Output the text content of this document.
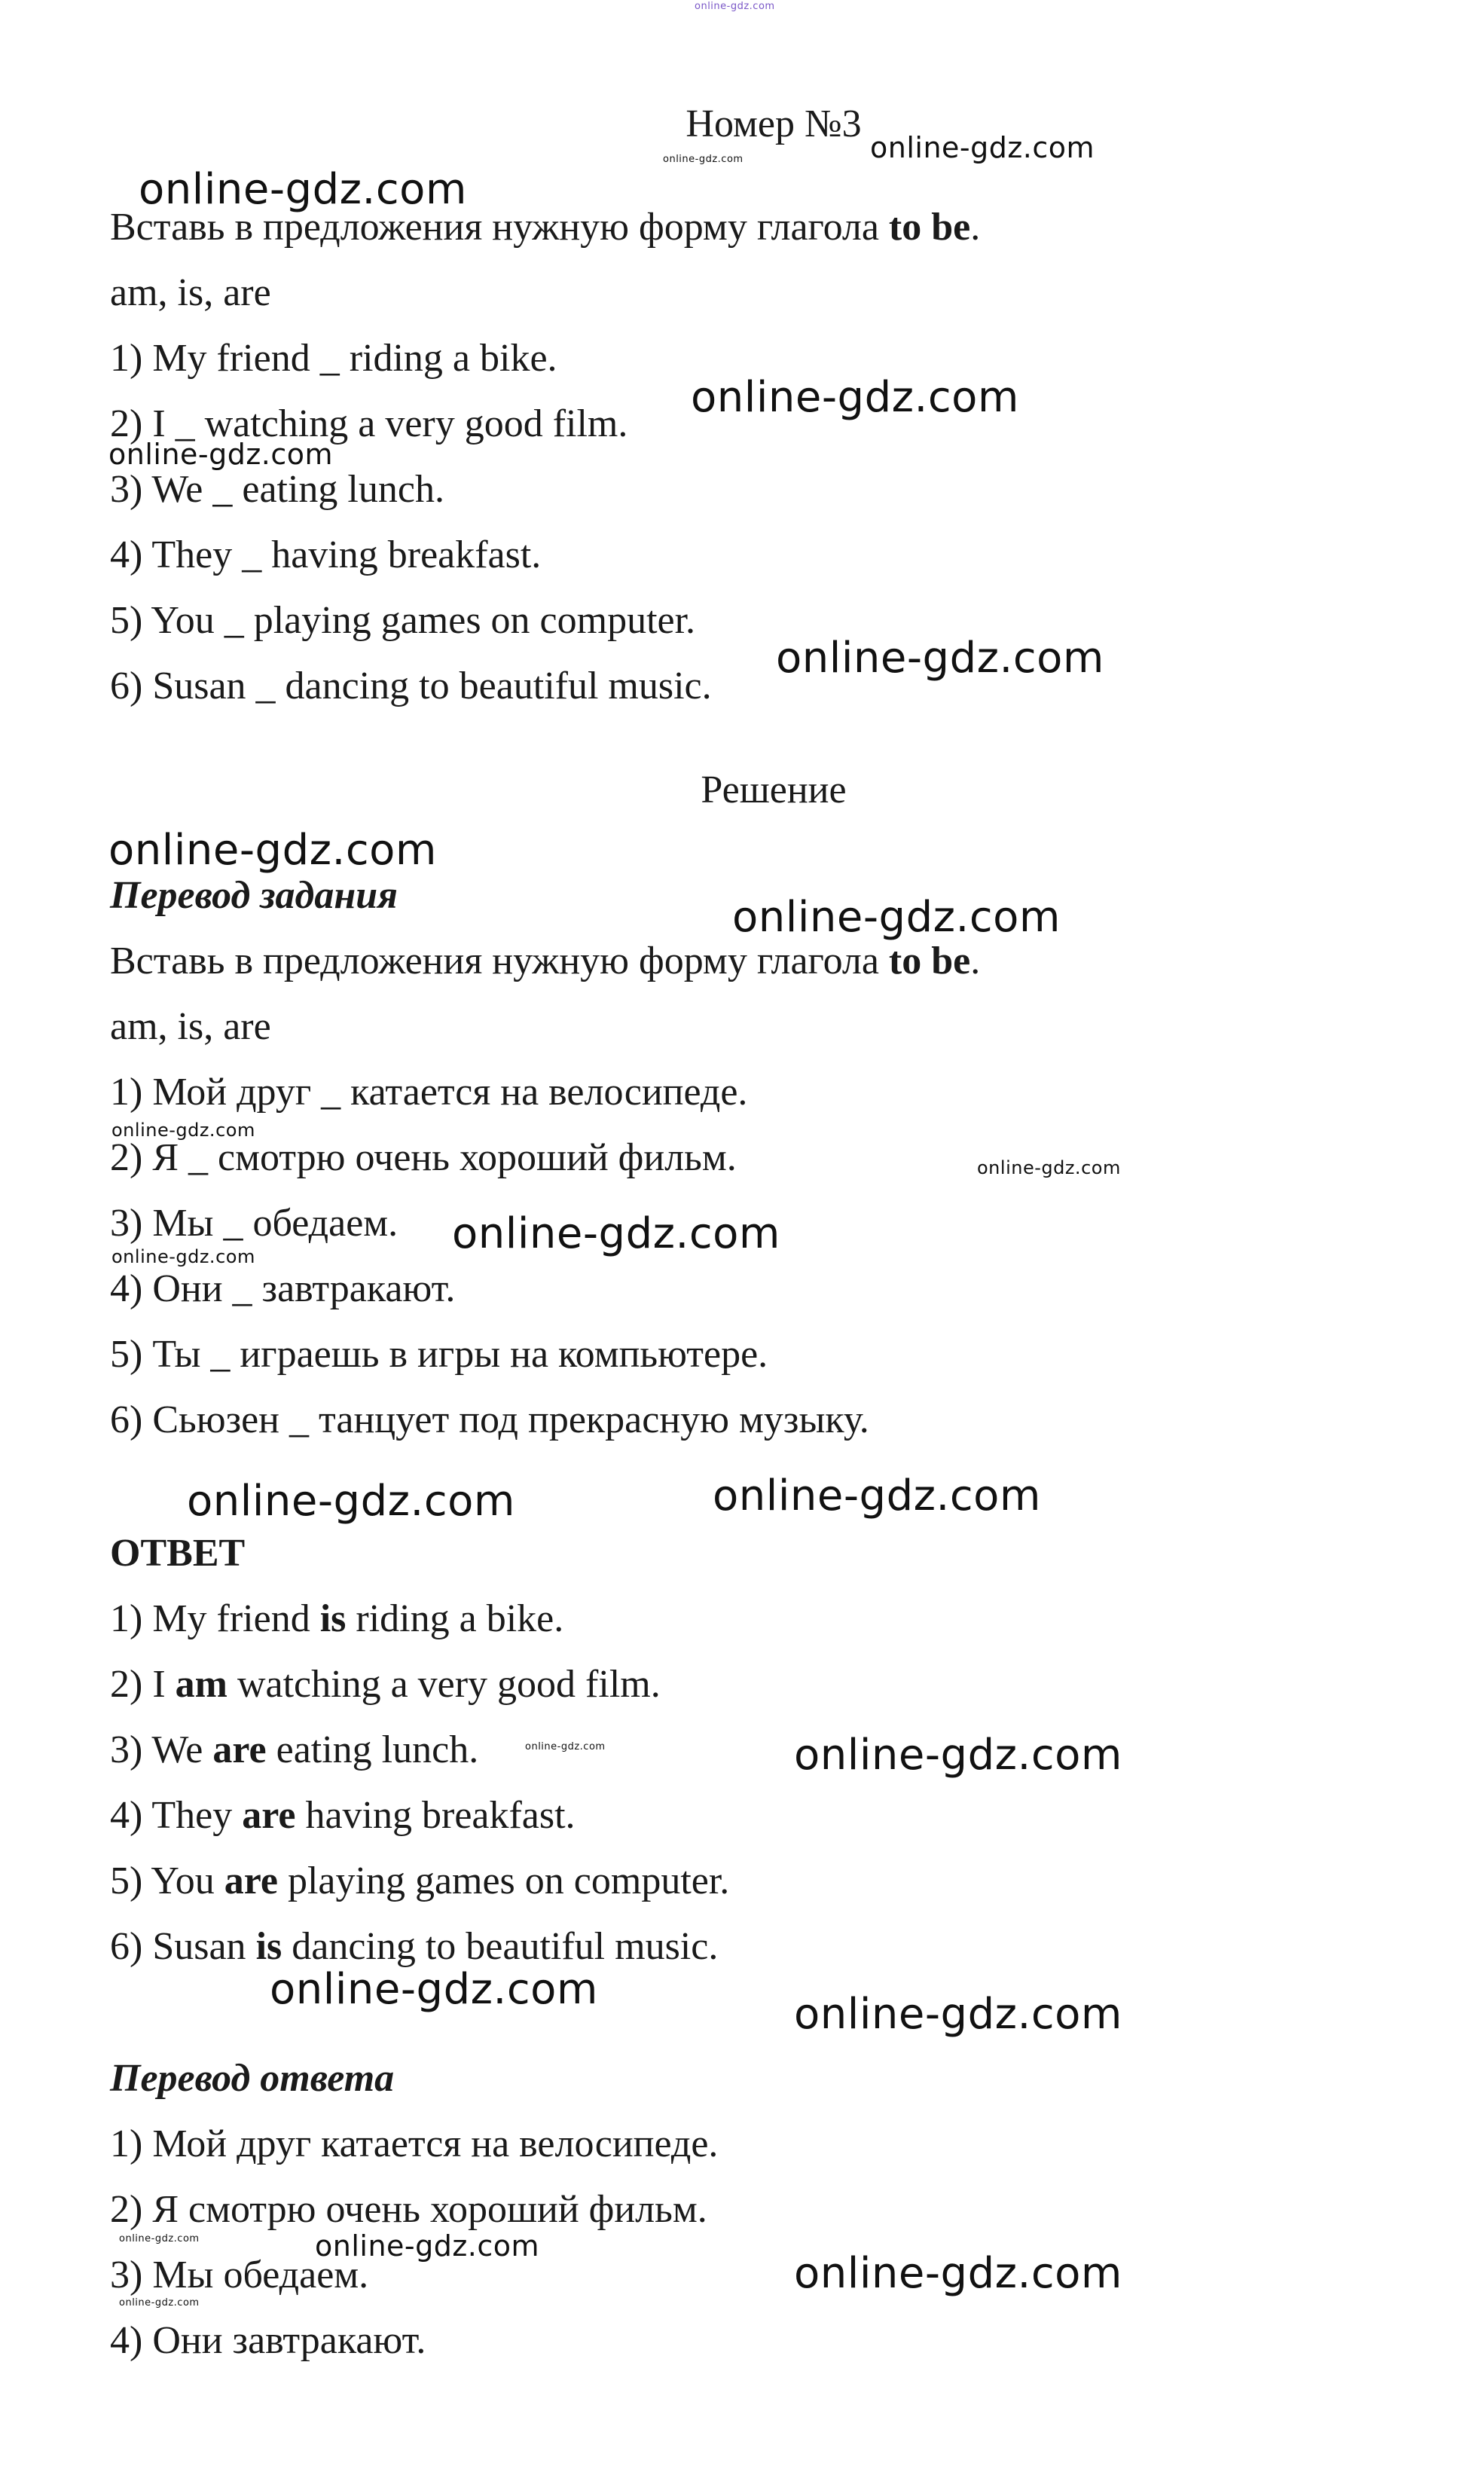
Номер №3
Вставь в предложения нужную форму глагола to be.
am, is, are
1) My friend _ riding a bike.
2) I _ watching a very good film.
3) We _ eating lunch.
4) They _ having breakfast.
5) You _ playing games on computer.
6) Susan _ dancing to beautiful music.
Решение
Перевод задания
Вставь в предложения нужную форму глагола to be.
am, is, are
1) Мой друг _ катается на велосипеде.
2) Я _ смотрю очень хороший фильм.
3) Мы _ обедаем.
4) Они _ завтракают.
5) Ты _ играешь в игры на компьютере.
6) Сьюзен _ танцует под прекрасную музыку.
ОТВЕТ
1) My friend is riding a bike.
2) I am watching a very good film.
3) We are eating lunch.
4) They are having breakfast.
5) You are playing games on computer.
6) Susan is dancing to beautiful music.
Перевод ответа
1) Мой друг катается на велосипеде.
2) Я смотрю очень хороший фильм.
3) Мы обедаем.
4) Они завтракают.
online-gdz.com
online-gdz.com
online-gdz.com
online-gdz.com
online-gdz.com
online-gdz.com
online-gdz.com
online-gdz.com
online-gdz.com
online-gdz.com
online-gdz.com
online-gdz.com
online-gdz.com
online-gdz.com	online-gdz.com
online-gdz.com	online-gdz.com
online-gdz.com
online-gdz.com
online-gdz.com	online-gdz.com
online-gdz.com
online-gdz.com
